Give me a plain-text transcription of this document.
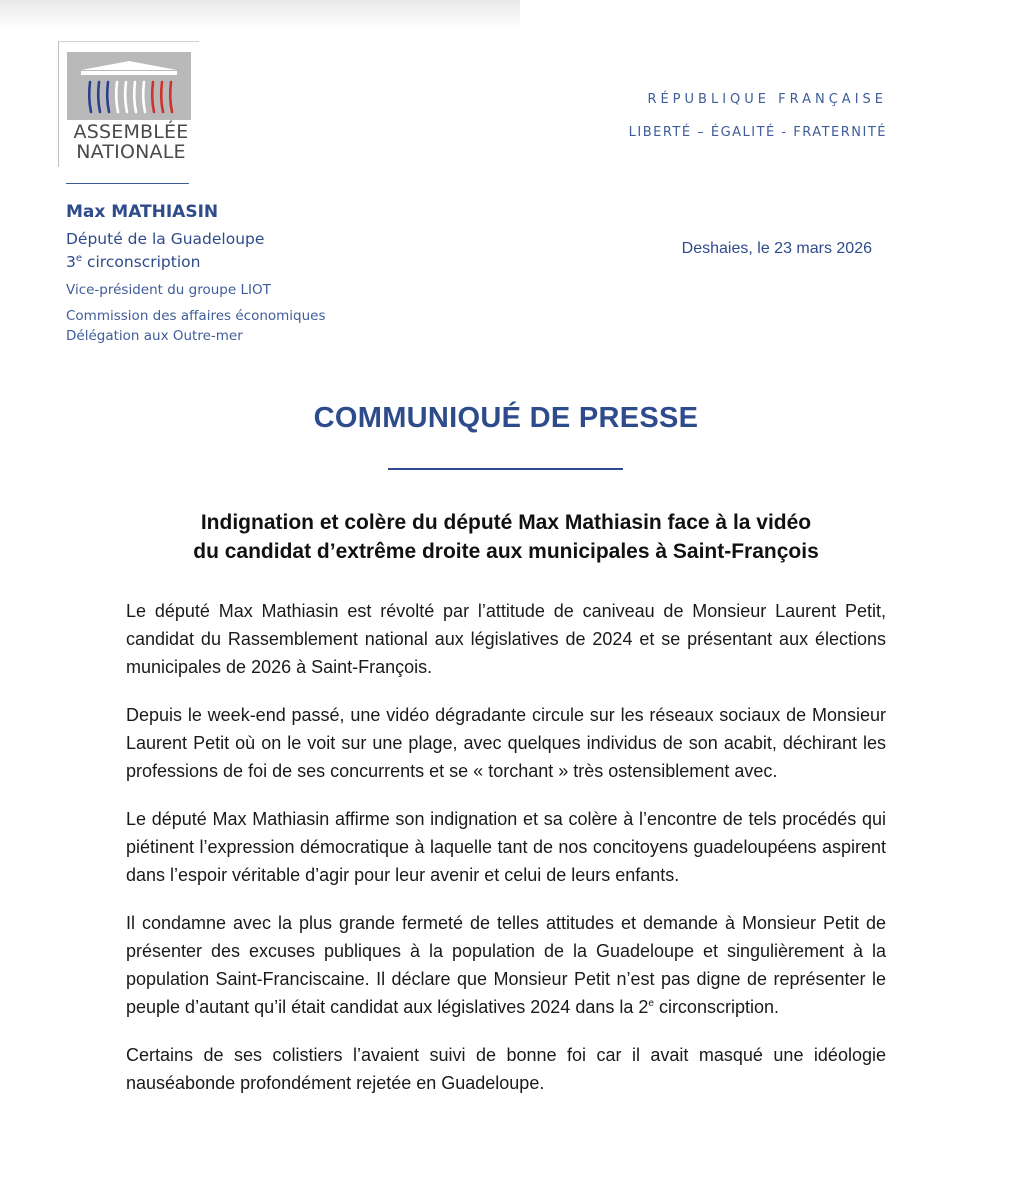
ASSEMBLÉE
NATIONALE
Max MATHIASIN
Député de la Guadeloupe
3e circonscription
Vice-président du groupe LIOT
Commission des affaires économiques
Délégation aux Outre-mer
RÉPUBLIQUE FRANÇAISE
LIBERTÉ – ÉGALITÉ - FRATERNITÉ
Deshaies, le 23 mars 2026
COMMUNIQUÉ DE PRESSE
Indignation et colère du député Max Mathiasin face à la vidéo
du candidat d’extrême droite aux municipales à Saint-François

Le député Max Mathiasin est révolté par l’attitude de caniveau de Monsieur Laurent Petit, candidat du Rassemblement national aux législatives de 2024 et se présentant aux élections municipales de 2026 à Saint-François.

Depuis le week-end passé, une vidéo dégradante circule sur les réseaux sociaux de Monsieur Laurent Petit où on le voit sur une plage, avec quelques individus de son acabit, déchirant les professions de foi de ses concurrents et se « torchant » très ostensiblement avec.

Le député Max Mathiasin affirme son indignation et sa colère à l’encontre de tels procédés qui piétinent l’expression démocratique à laquelle tant de nos concitoyens guadeloupéens aspirent dans l’espoir véritable d’agir pour leur avenir et celui de leurs enfants.

Il condamne avec la plus grande fermeté de telles attitudes et demande à Monsieur Petit de présenter des excuses publiques à la population de la Guadeloupe et singulièrement à la population Saint-Franciscaine. Il déclare que Monsieur Petit n’est pas digne de représenter le peuple d’autant qu’il était candidat aux législatives 2024 dans la 2e circonscription.

Certains de ses colistiers l’avaient suivi de bonne foi car il avait masqué une idéologie nauséabonde profondément rejetée en Guadeloupe.
